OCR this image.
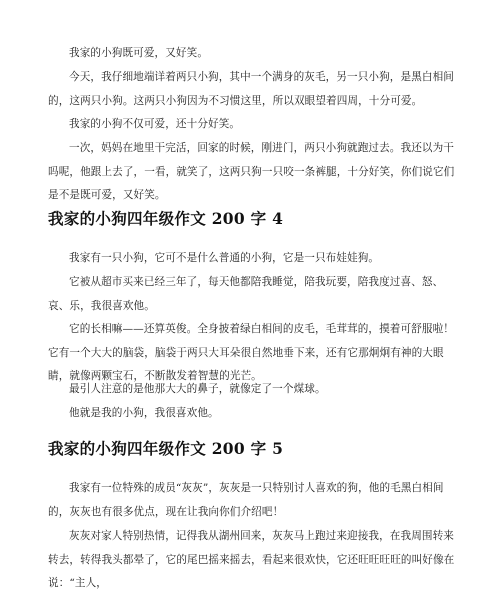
我家的小狗既可爱，又好笑。

今天，我仔细地端详着两只小狗，其中一个满身的灰毛，另一只小狗，是黑白相间的，这两只小狗。这两只小狗因为不习惯这里，所以双眼望着四周，十分可爱。

我家的小狗不仅可爱，还十分好笑。

一次，妈妈在地里干完活，回家的时候，刚进门，两只小狗就跑过去。我还以为干吗呢，他跟上去了，一看，就笑了，这两只狗一只咬一条裤腿，十分好笑，你们说它们是不是既可爱，又好笑。

我家的小狗四年级作文 200 字 4

我家有一只小狗，它可不是什么普通的小狗，它是一只布娃娃狗。

它被从超市买来已经三年了，每天他都陪我睡觉，陪我玩要，陪我度过喜、怒、哀、乐，我很喜欢他。

它的长相嘛——还算英俊。全身披着绿白相间的皮毛，毛茸茸的，摸着可舒服啦！它有一个大大的脑袋，脑袋于两只大耳朵很自然地垂下来，还有它那炯炯有神的大眼睛，就像两颗宝石，不断散发着智慧的光芒。

最引人注意的是他那大大的鼻子，就像定了一个煤球。

他就是我的小狗，我很喜欢他。

我家的小狗四年级作文 200 字 5

我家有一位特殊的成员“灰灰”，灰灰是一只特别讨人喜欢的狗，他的毛黑白相间的，灰灰也有很多优点，现在让我向你们介绍吧！

灰灰对家人特别热情，记得我从湖州回来，灰灰马上跑过来迎接我，在我周围转来转去，转得我头都晕了，它的尾巴摇来摇去，看起来很欢快，它还旺旺旺旺的叫好像在说：“主人，
